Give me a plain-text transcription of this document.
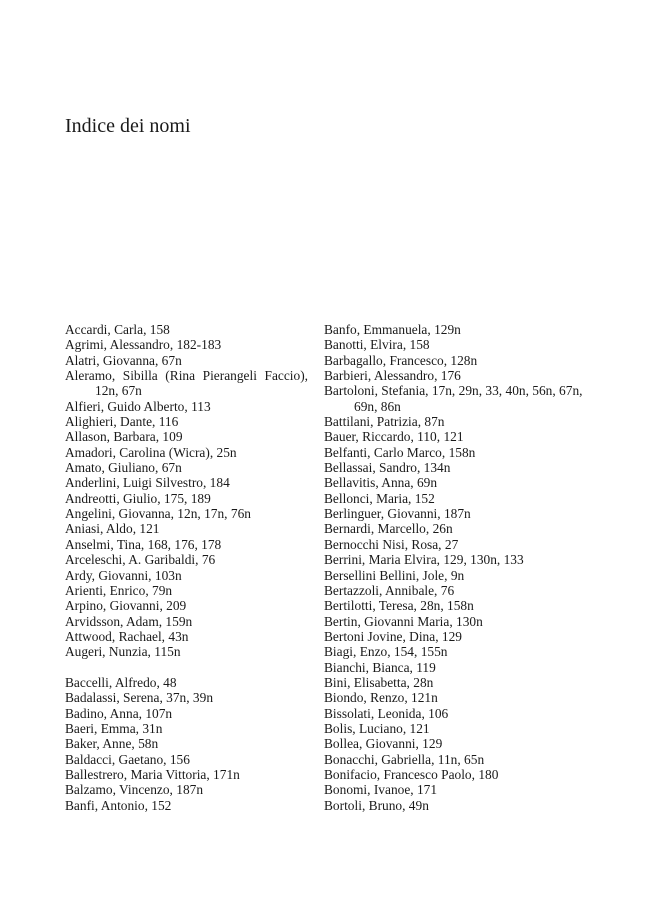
Indice dei nomi

Accardi, Carla, 158

Agrimi, Alessandro, 182-183

Alatri, Giovanna, 67n

Aleramo, Sibilla (Rina Pierangeli Faccio), 12n, 67n

Alfieri, Guido Alberto, 113

Alighieri, Dante, 116

Allason, Barbara, 109

Amadori, Carolina (Wicra), 25n

Amato, Giuliano, 67n

Anderlini, Luigi Silvestro, 184

Andreotti, Giulio, 175, 189

Angelini, Giovanna, 12n, 17n, 76n

Aniasi, Aldo, 121

Anselmi, Tina, 168, 176, 178

Arceleschi, A. Garibaldi, 76

Ardy, Giovanni, 103n

Arienti, Enrico, 79n

Arpino, Giovanni, 209

Arvidsson, Adam, 159n

Attwood, Rachael, 43n

Augeri, Nunzia, 115n

Baccelli, Alfredo, 48

Badalassi, Serena, 37n, 39n

Badino, Anna, 107n

Baeri, Emma, 31n

Baker, Anne, 58n

Baldacci, Gaetano, 156

Ballestrero, Maria Vittoria, 171n

Balzamo, Vincenzo, 187n

Banfi, Antonio, 152

Banfo, Emmanuela, 129n

Banotti, Elvira, 158

Barbagallo, Francesco, 128n

Barbieri, Alessandro, 176

Bartoloni, Stefania, 17n, 29n, 33, 40n, 56n, 67n, 69n, 86n

Battilani, Patrizia, 87n

Bauer, Riccardo, 110, 121

Belfanti, Carlo Marco, 158n

Bellassai, Sandro, 134n

Bellavitis, Anna, 69n

Bellonci, Maria, 152

Berlinguer, Giovanni, 187n

Bernardi, Marcello, 26n

Bernocchi Nisi, Rosa, 27

Berrini, Maria Elvira, 129, 130n, 133

Bersellini Bellini, Jole, 9n

Bertazzoli, Annibale, 76

Bertilotti, Teresa, 28n, 158n

Bertin, Giovanni Maria, 130n

Bertoni Jovine, Dina, 129

Biagi, Enzo, 154, 155n

Bianchi, Bianca, 119

Bini, Elisabetta, 28n

Biondo, Renzo, 121n

Bissolati, Leonida, 106

Bolis, Luciano, 121

Bollea, Giovanni, 129

Bonacchi, Gabriella, 11n, 65n

Bonifacio, Francesco Paolo, 180

Bonomi, Ivanoe, 171

Bortoli, Bruno, 49n
